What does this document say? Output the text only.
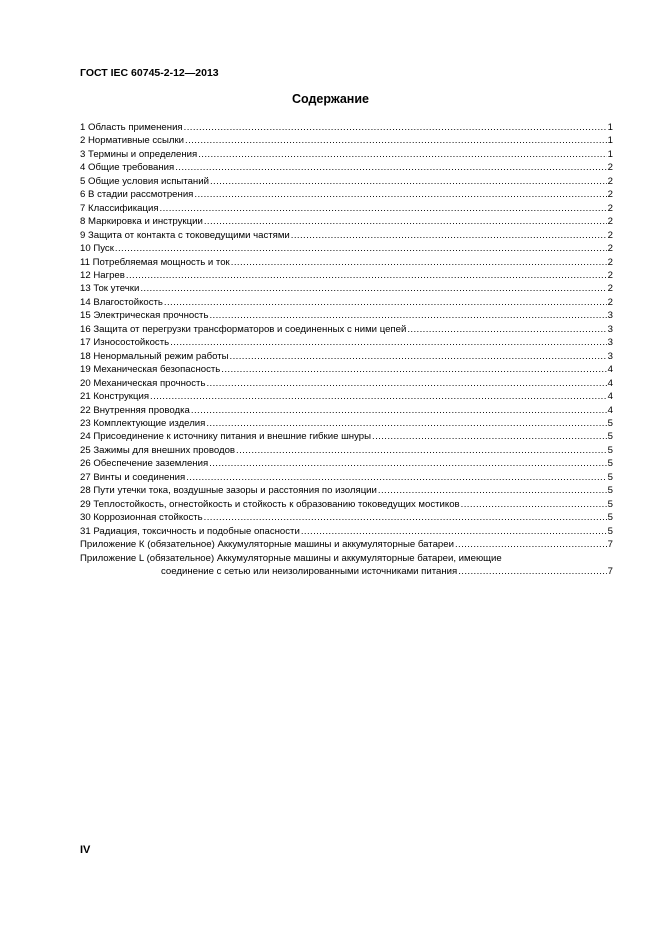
ГОСТ IEC 60745-2-12—2013
Содержание
1 Область применения .....	1
2 Нормативные ссылки .....	1
3 Термины и определения .....	1
4 Общие требования .....	2
5 Общие условия испытаний .....	2
6 В стадии рассмотрения .....	2
7 Классификация .....	2
8 Маркировка и инструкции .....	2
9 Защита от контакта с токоведущими частями .....	2
10 Пуск .....	2
11 Потребляемая мощность и ток .....	2
12 Нагрев .....	2
13 Ток утечки .....	2
14 Влагостойкость .....	2
15 Электрическая прочность .....	3
16 Защита от перегрузки трансформаторов и соединенных с ними цепей .....	3
17 Износостойкость .....	3
18 Ненормальный режим работы .....	3
19 Механическая безопасность .....	4
20 Механическая прочность .....	4
21 Конструкция .....	4
22 Внутренняя проводка .....	4
23 Комплектующие изделия .....	5
24 Присоединение к источнику питания и внешние гибкие шнуры .....	5
25 Зажимы для внешних проводов .....	5
26 Обеспечение заземления .....	5
27 Винты и соединения .....	5
28 Пути утечки тока, воздушные зазоры и расстояния по изоляции .....	5
29 Теплостойкость, огнестойкость и стойкость к образованию токоведущих мостиков .....	5
30 Коррозионная стойкость .....	5
31 Радиация, токсичность и подобные опасности .....	5
Приложение К (обязательное) Аккумуляторные машины и аккумуляторные батареи .....	7
Приложение L (обязательное) Аккумуляторные машины и аккумуляторные батареи, имеющие
соединение с сетью или неизолированными источниками питания .....	7
IV
